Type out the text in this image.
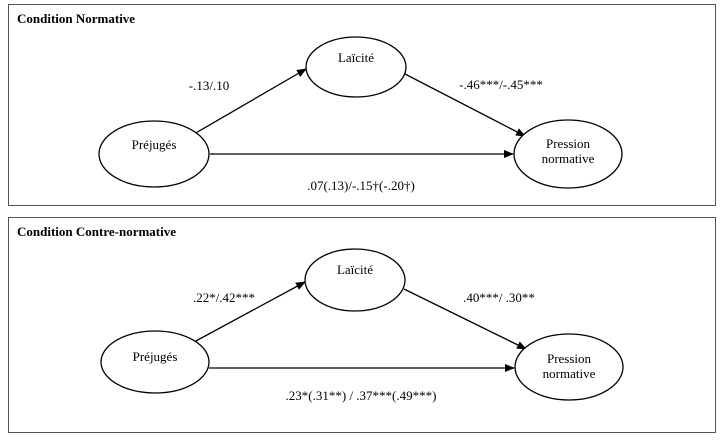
Condition Normative
Laïcité
Préjugés	Pression
normative
-.13/.10	-.46***/-.45***
.07(.13)/-.15†(-.20†)
Condition Contre-normative
Laïcité
Préjugés	Pression
normative
.22*/.42***	.40***/ .30**
.23*(.31**) / .37***(.49***)
